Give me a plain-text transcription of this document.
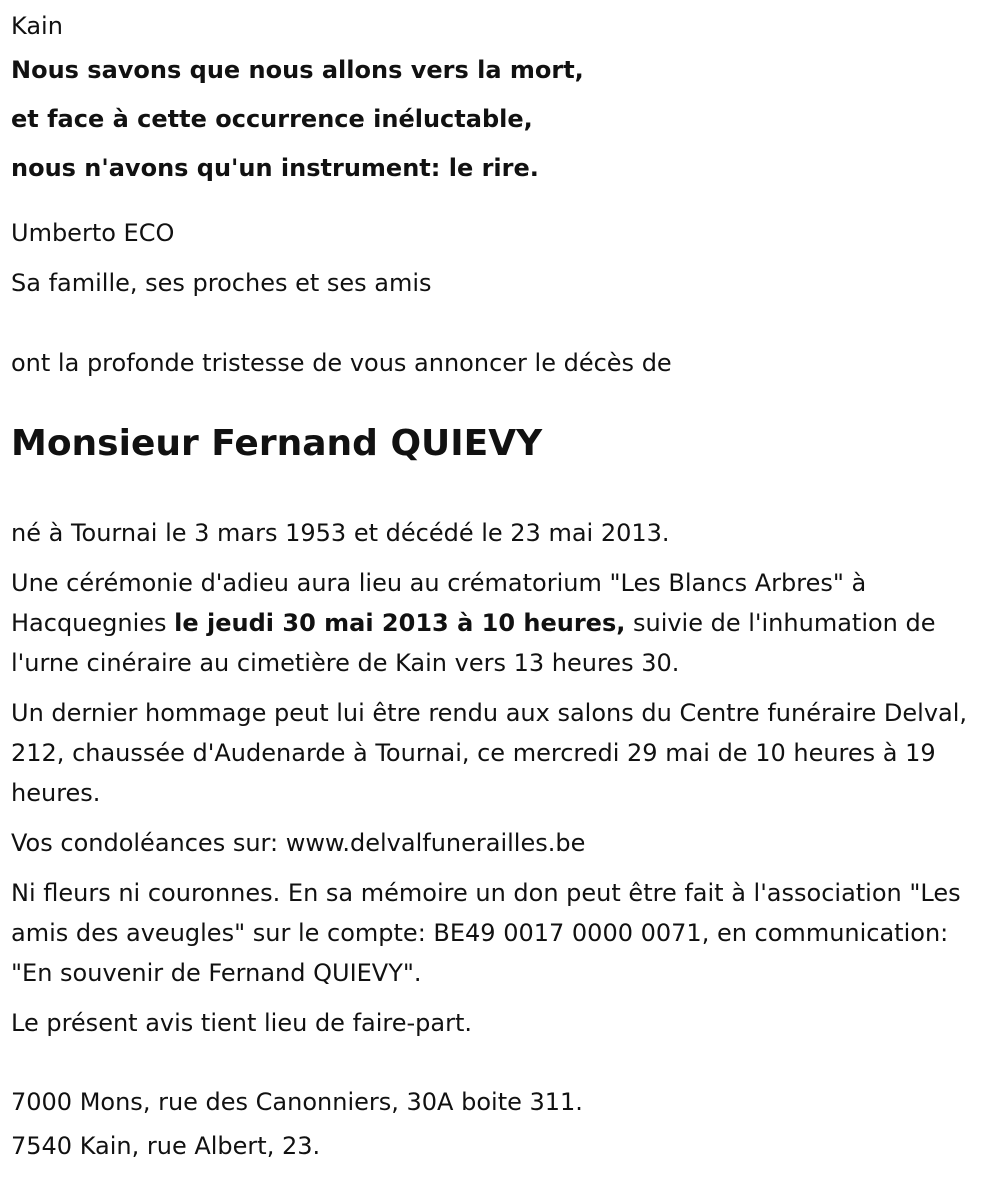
Kain
Nous savons que nous allons vers la mort,
et face à cette occurrence inéluctable,
nous n'avons qu'un instrument: le rire.
Umberto ECO
Sa famille, ses proches et ses amis
ont la profonde tristesse de vous annoncer le décès de
Monsieur Fernand QUIEVY
né à Tournai le 3 mars 1953 et décédé le 23 mai 2013.

Une cérémonie d'adieu aura lieu au crématorium "Les Blancs Arbres" à Hacquegnies le jeudi 30 mai 2013 à 10 heures, suivie de l'inhumation de l'urne cinéraire au cimetière de Kain vers 13 heures 30.

Un dernier hommage peut lui être rendu aux salons du Centre funéraire Delval, 212, chaussée d'Audenarde à Tournai, ce mercredi 29 mai de 10 heures à 19 heures.

Vos condoléances sur: www.delvalfunerailles.be

Ni fleurs ni couronnes. En sa mémoire un don peut être fait à l'association "Les amis des aveugles" sur le compte: BE49 0017 0000 0071, en communication: "En souvenir de Fernand QUIEVY".

Le présent avis tient lieu de faire-part.

7000 Mons, rue des Canonniers, 30A boite 311.
7540 Kain, rue Albert, 23.
